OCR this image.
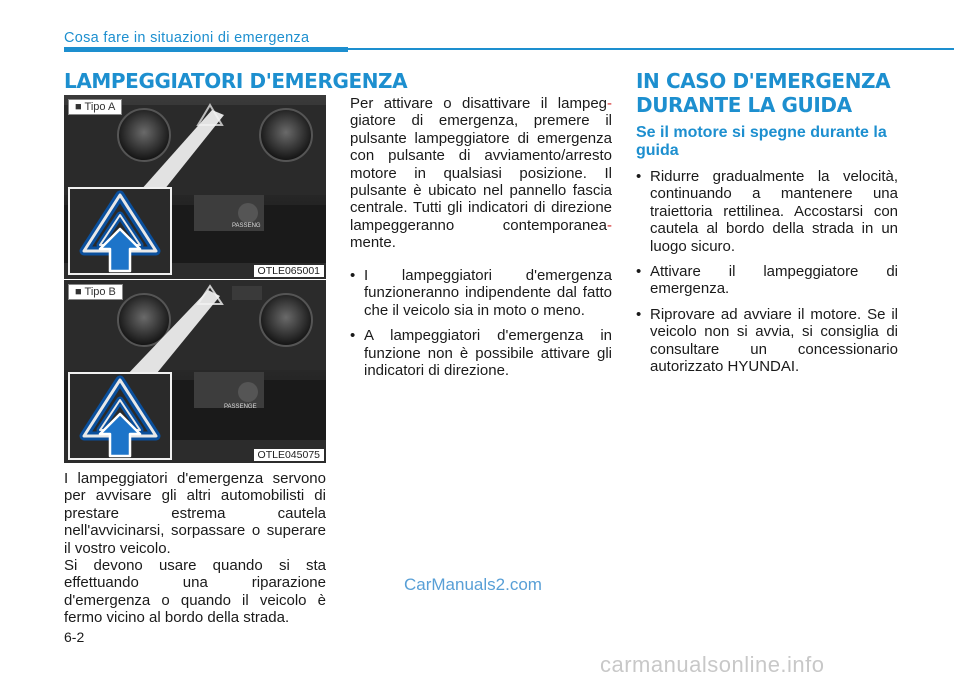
Cosa fare in situazioni di emergenza
LAMPEGGIATORI D'EMERGENZA
■ Tipo A
PASSENG
OTLE065001
■ Tipo B
PASSENGE
OTLE045075

I lampeggiatori d'emergenza servono per avvisare gli altri automobilisti di prestare estrema cautela nell'avvicinarsi, sorpassare o superare il vostro veicolo.

Si devono usare quando si sta effettuando una riparazione d'emergenza o quando il veicolo è fermo vicino al bordo della strada.

Per attivare o disattivare il lampeg- giatore di emergenza, premere il pulsante lampeggiatore di emergenza con pulsante di avviamento/arresto motore in qualsiasi posizione. Il pulsante è ubicato nel pannello fascia centrale. Tutti gli indicatori di direzione lampeggeranno contemporanea- mente.

• I lampeggiatori d'emergenza funzioneranno indipendente dal fatto che il veicolo sia in moto o meno.
• A lampeggiatori d'emergenza in funzione non è possibile attivare gli indicatori di direzione.
IN CASO D'EMERGENZA
DURANTE LA GUIDA
Se il motore si spegne durante la guida
• Ridurre gradualmente la velocità, continuando a mantenere una traiettoria rettilinea. Accostarsi con cautela al bordo della strada in un luogo sicuro.
• Attivare il lampeggiatore di emergenza.
• Riprovare ad avviare il motore. Se il veicolo non si avvia, si consiglia di consultare un concessionario autorizzato HYUNDAI.
6-2
CarManuals2.com
carmanualsonline.info
